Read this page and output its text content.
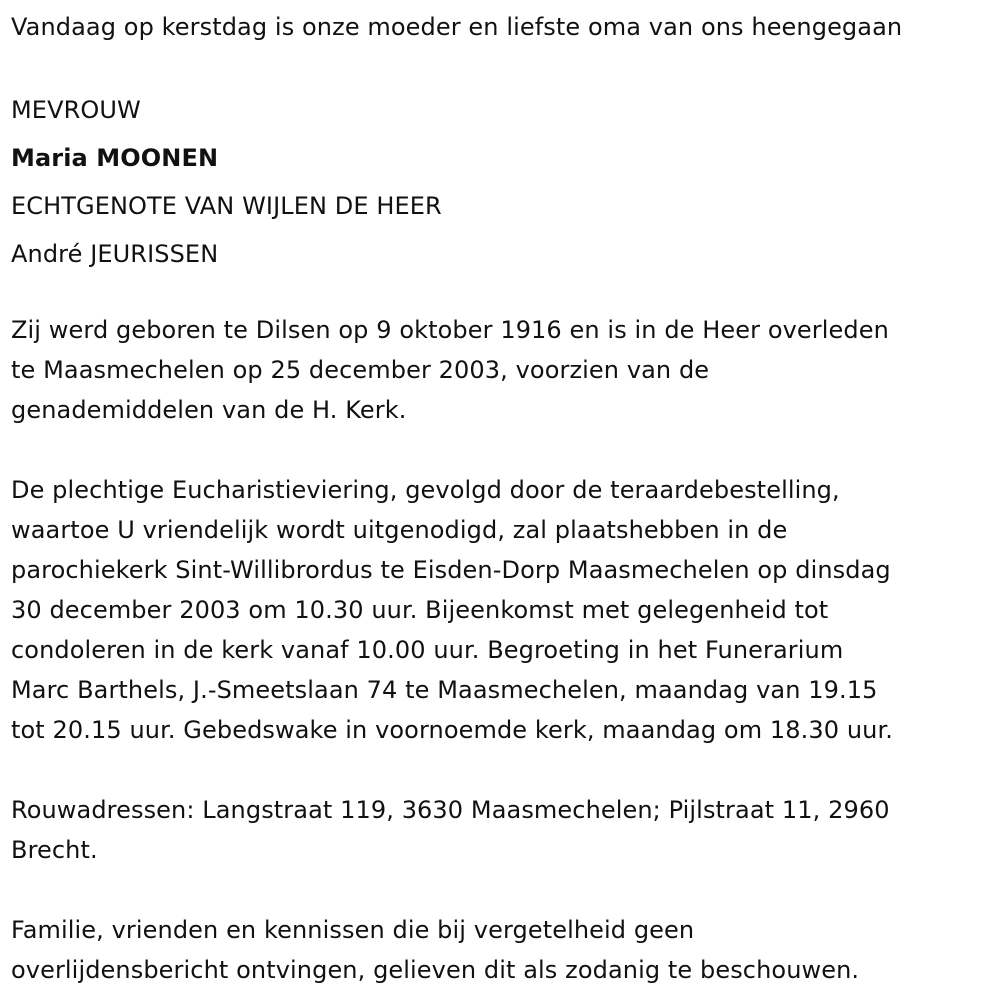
Vandaag op kerstdag is onze moeder en liefste oma van ons heengegaan
MEVROUW
Maria MOONEN
ECHTGENOTE VAN WIJLEN DE HEER
André JEURISSEN
Zij werd geboren te Dilsen op 9 oktober 1916 en is in de Heer overleden
te Maasmechelen op 25 december 2003, voorzien van de
genademiddelen van de H. Kerk.
De plechtige Eucharistieviering, gevolgd door de teraardebestelling,
waartoe U vriendelijk wordt uitgenodigd, zal plaatshebben in de
parochiekerk Sint-Willibrordus te Eisden-Dorp Maasmechelen op dinsdag
30 december 2003 om 10.30 uur. Bijeenkomst met gelegenheid tot
condoleren in de kerk vanaf 10.00 uur. Begroeting in het Funerarium
Marc Barthels, J.-Smeetslaan 74 te Maasmechelen, maandag van 19.15
tot 20.15 uur. Gebedswake in voornoemde kerk, maandag om 18.30 uur.
Rouwadressen: Langstraat 119, 3630 Maasmechelen; Pijlstraat 11, 2960
Brecht.
Familie, vrienden en kennissen die bij vergetelheid geen
overlijdensbericht ontvingen, gelieven dit als zodanig te beschouwen.
